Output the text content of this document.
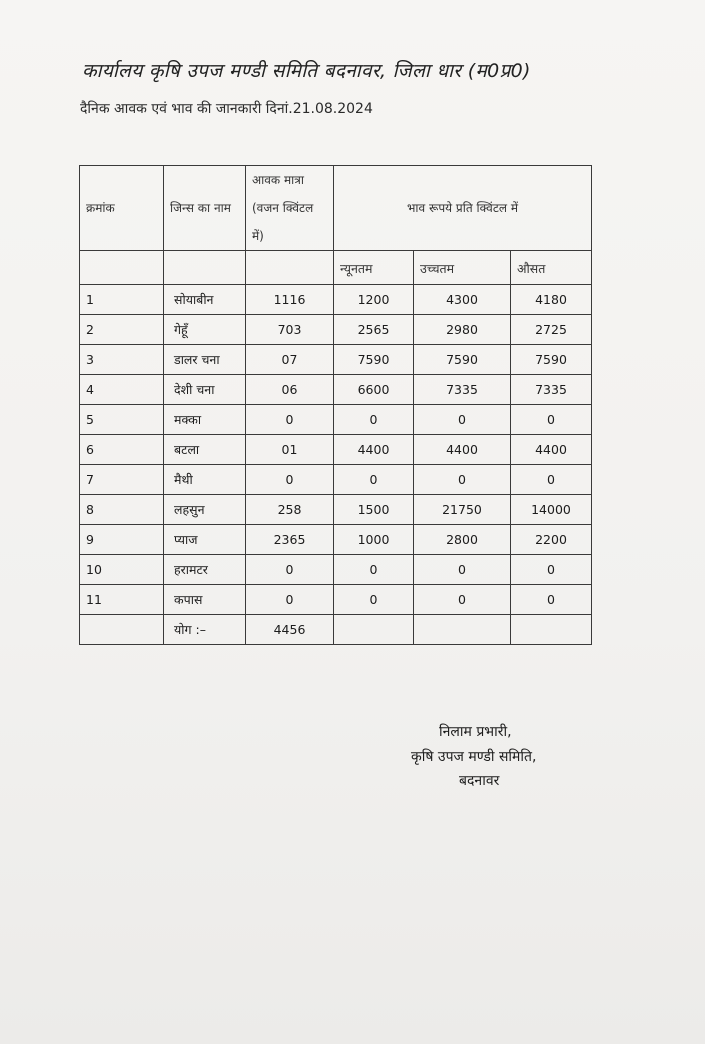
कार्यालय कृषि उपज मण्डी समिति बदनावर, जिला धार (म0प्र0)
दैनिक आवक एवं भाव की जानकारी दिनां.21.08.2024
क्रमांक	जिन्स का नाम	आवक मात्रा (वजन क्विंटल में)	भाव रूपये प्रति क्विंटल में		
			न्यूनतम	उच्चतम	औसत
1	सोयाबीन	1116	1200	4300	4180
2	गेहूँ	703	2565	2980	2725
3	डालर चना	07	7590	7590	7590
4	देशी चना	06	6600	7335	7335
5	मक्का	0	0	0	0
6	बटला	01	4400	4400	4400
7	मैथी	0	0	0	0
8	लहसुन	258	1500	21750	14000
9	प्याज	2365	1000	2800	2200
10	हरामटर	0	0	0	0
11	कपास	0	0	0	0
	योग :–	4456			
निलाम प्रभारी,
कृषि उपज मण्डी समिति,
बदनावर
